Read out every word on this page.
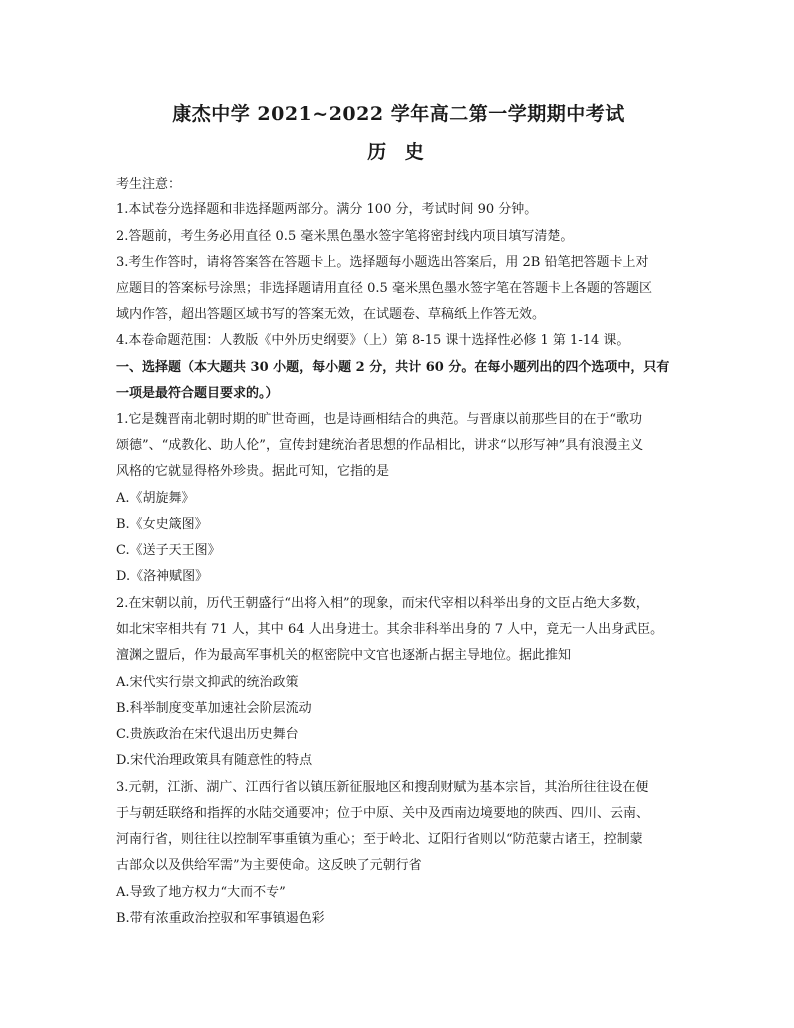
康杰中学 2021~2022 学年高二第一学期期中考试
历 史
考生注意：
1.本试卷分选择题和非选择题两部分。满分 100 分，考试时间 90 分钟。
2.答题前，考生务必用直径 0.5 毫米黑色墨水签字笔将密封线内项目填写清楚。
3.考生作答时，请将答案答在答题卡上。选择题每小题选出答案后，用 2B 铅笔把答题卡上对
应题目的答案标号涂黑；非选择题请用直径 0.5 毫米黑色墨水签字笔在答题卡上各题的答题区
域内作答，超出答题区域书写的答案无效，在试题卷、草稿纸上作答无效。
4.本卷命题范围：人教版《中外历史纲要》（上）第 8-15 课十选择性必修 1 第 1-14 课。
一、选择题（本大题共 30 小题，每小题 2 分，共计 60 分。在每小题列出的四个选项中，只有
一项是最符合题目要求的。）
1.它是魏晋南北朝时期的旷世奇画，也是诗画相结合的典范。与晋康以前那些目的在于“歌功
颂德”、“成教化、助人伦”，宣传封建统治者思想的作品相比，讲求“以形写神”具有浪漫主义
风格的它就显得格外珍贵。据此可知，它指的是
A.《胡旋舞》
B.《女史箴图》
C.《送子天王图》
D.《洛神赋图》
2.在宋朝以前，历代王朝盛行“出将入相”的现象，而宋代宰相以科举出身的文臣占绝大多数，
如北宋宰相共有 71 人，其中 64 人出身进士。其余非科举出身的 7 人中，竟无一人出身武臣。
澶渊之盟后，作为最高军事机关的枢密院中文官也逐渐占据主导地位。据此推知
A.宋代实行崇文抑武的统治政策
B.科举制度变革加速社会阶层流动
C.贵族政治在宋代退出历史舞台
D.宋代治理政策具有随意性的特点
3.元朝，江浙、湖广、江西行省以镇压新征服地区和搜刮财赋为基本宗旨，其治所往往设在便
于与朝廷联络和指挥的水陆交通要冲；位于中原、关中及西南边境要地的陕西、四川、云南、
河南行省，则往往以控制军事重镇为重心；至于岭北、辽阳行省则以“防范蒙古诸王，控制蒙
古部众以及供给军需”为主要使命。这反映了元朝行省
A.导致了地方权力“大而不专”
B.带有浓重政治控驭和军事镇遏色彩
